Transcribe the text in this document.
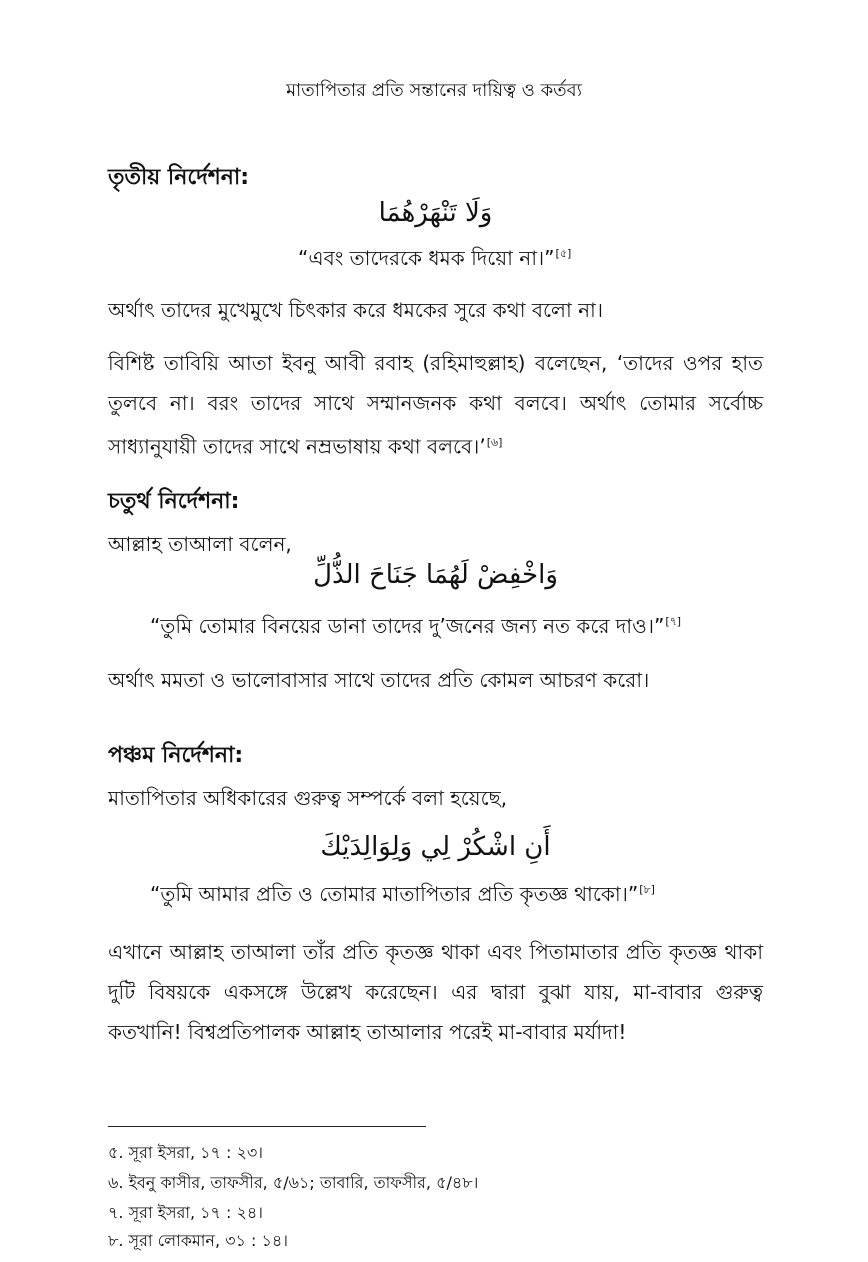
মাতাপিতার প্রতি সন্তানের দায়িত্ব ও কর্তব্য
তৃতীয় নির্দেশনা:
وَلَا تَنْهَرْهُمَا
“এবং তাদেরকে ধমক দিয়ো না।”[৫]
অর্থাৎ তাদের মুখেমুখে চিৎকার করে ধমকের সুরে কথা বলো না।
বিশিষ্ট তাবিয়ি আতা ইবনু আবী রবাহ (রহিমাহুল্লাহ) বলেছেন, ‘তাদের ওপর হাত তুলবে না। বরং তাদের সাথে সম্মানজনক কথা বলবে। অর্থাৎ তোমার সর্বোচ্চ সাধ্যানুযায়ী তাদের সাথে নম্রভাষায় কথা বলবে।’[৬]
চতুর্থ নির্দেশনা:
আল্লাহ তাআলা বলেন,
وَاخْفِضْ لَهُمَا جَنَاحَ الذُّلِّ
“তুমি তোমার বিনয়ের ডানা তাদের দু’জনের জন্য নত করে দাও।”[৭]
অর্থাৎ মমতা ও ভালোবাসার সাথে তাদের প্রতি কোমল আচরণ করো।
পঞ্চম নির্দেশনা:
মাতাপিতার অধিকারের গুরুত্ব সম্পর্কে বলা হয়েছে,
أَنِ اشْكُرْ لِي وَلِوَالِدَيْكَ
“তুমি আমার প্রতি ও তোমার মাতাপিতার প্রতি কৃতজ্ঞ থাকো।”[৮]
এখানে আল্লাহ তাআলা তাঁর প্রতি কৃতজ্ঞ থাকা এবং পিতামাতার প্রতি কৃতজ্ঞ থাকা দুটি বিষয়কে একসঙ্গে উল্লেখ করেছেন। এর দ্বারা বুঝা যায়, মা-বাবার গুরুত্ব কতখানি! বিশ্বপ্রতিপালক আল্লাহ তাআলার পরেই মা-বাবার মর্যাদা!
৫. সূরা ইসরা, ১৭ : ২৩।
৬. ইবনু কাসীর, তাফসীর, ৫/৬১; তাবারি, তাফসীর, ৫/৪৮।
৭. সূরা ইসরা, ১৭ : ২৪।
৮. সূরা লোকমান, ৩১ : ১৪।
